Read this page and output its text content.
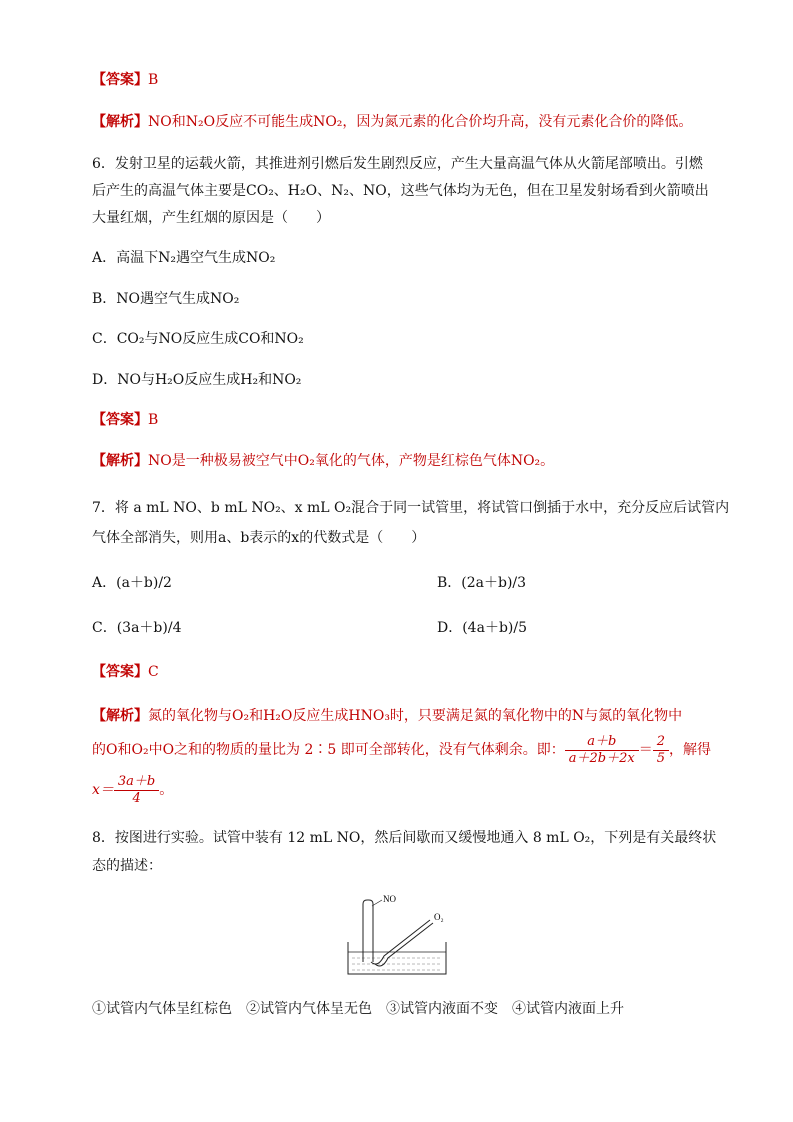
【答案】B
【解析】NO和N₂O反应不可能生成NO₂，因为氮元素的化合价均升高，没有元素化合价的降低。
6．发射卫星的运载火箭，其推进剂引燃后发生剧烈反应，产生大量高温气体从火箭尾部喷出。引燃
后产生的高温气体主要是CO₂、H₂O、N₂、NO，这些气体均为无色，但在卫星发射场看到火箭喷出
大量红烟，产生红烟的原因是（　　）
A．高温下N₂遇空气生成NO₂
B．NO遇空气生成NO₂
C．CO₂与NO反应生成CO和NO₂
D．NO与H₂O反应生成H₂和NO₂
【答案】B
【解析】NO是一种极易被空气中O₂氧化的气体，产物是红棕色气体NO₂。
7．将 a mL NO、b mL NO₂、x mL O₂混合于同一试管里，将试管口倒插于水中，充分反应后试管内
气体全部消失，则用a、b表示的x的代数式是（　　）
A．(a＋b)/2	B．(2a＋b)/3
C．(3a＋b)/4	D．(4a＋b)/5
【答案】C
【解析】氮的氧化物与O₂和H₂O反应生成HNO₃时，只要满足氮的氧化物中的N与氮的氧化物中
的O和O₂中O之和的物质的量比为 2∶5 即可全部转化，没有气体剩余。即： $\frac{a+b}{a+2b+2x} = \frac{2}{5}$ ，解得
$x= \frac{3a+b}{4}$ 。
8．按图进行实验。试管中装有 12 mL NO，然后间歇而又缓慢地通入 8 mL O₂，下列是有关最终状
态的描述：
NO
O₂
①试管内气体呈红棕色　②试管内气体呈无色　③试管内液面不变　④试管内液面上升
